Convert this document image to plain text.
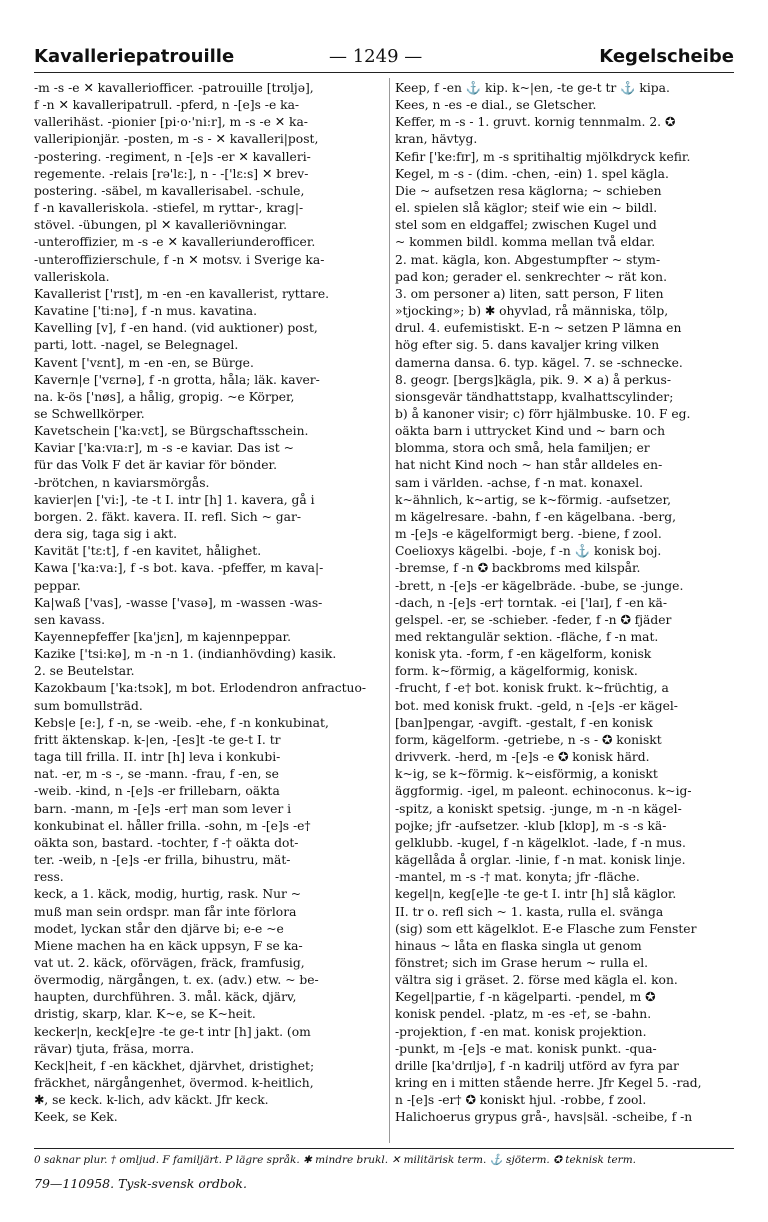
Kavalleriepatrouille	— 1249 —	Kegelscheibe
-m -s -e ✕ kavalleriofficer. -patrouille [trʊljə],
f -n ✕ kavalleripatrull. -pferd, n -[e]s -e ka-
vallerihäst. -pionier [pi·o·'ni:r], m -s -e ✕ ka-
valleripionjär. -posten, m -s - ✕ kavalleri|post,
-postering. -regiment, n -[e]s -er ✕ kavalleri-
regemente. -relais [rə'lɛ:], n - -['lɛ:s] ✕ brev-
postering. -säbel, m kavallerisabel. -schule,
f -n kavalleriskola. -stiefel, m ryttar-, krag|-
stövel. -übungen, pl ✕ kavalleriövningar.
-unteroffizier, m -s -e ✕ kavalleriunderofficer.
-unteroffizierschule, f -n ✕ motsv. i Sverige ka-
valleriskola.
Kavallerist ['rɪst], m -en -en kavallerist, ryttare.
Kavatine ['ti:nə], f -n mus. kavatina.
Kavelling [v], f -en hand. (vid auktioner) post,
parti, lott. -nagel, se Belegnagel.
Kavent ['vɛnt], m -en -en, se Bürge.
Kavern|e ['vɛrnə], f -n grotta, håla; läk. kaver-
na. k-ös ['nøs], a hålig, gropig. ~e Körper,
se Schwellkörper.
Kavetschein ['ka:vɛt], se Bürgschaftsschein.
Kaviar ['ka:vɪa:r], m -s -e kaviar. Das ist ~
für das Volk F det är kaviar för bönder.
-brötchen, n kaviarsmörgås.
kavier|en ['vi:], -te -t I. intr [h] 1. kavera, gå i
borgen. 2. fäkt. kavera. II. refl. Sich ~ gar-
dera sig, taga sig i akt.
Kavität ['tɛ:t], f -en kavitet, hålighet.
Kawa ['ka:va:], f -s bot. kava. -pfeffer, m kava|-
peppar.
Ka|waß ['vas], -wasse ['vasə], m -wassen -was-
sen kavass.
Kayennepfeffer [ka'jɛn], m kajennpeppar.
Kazike ['tsi:kə], m -n -n 1. (indianhövding) kasik.
2. se Beutelstar.
Kazokbaum ['ka:tsɔk], m bot. Erlodendron anfractuo-
sum bomullsträd.
Kebs|e [e:], f -n, se -weib. -ehe, f -n konkubinat,
fritt äktenskap. k-|en, -[es]t -te ge-t I. tr
taga till frilla. II. intr [h] leva i konkubi-
nat. -er, m -s -, se -mann. -frau, f -en, se
-weib. -kind, n -[e]s -er frillebarn, oäkta
barn. -mann, m -[e]s -er† man som lever i
konkubinat el. håller frilla. -sohn, m -[e]s -e†
oäkta son, bastard. -tochter, f -† oäkta dot-
ter. -weib, n -[e]s -er frilla, bihustru, mät-
ress.
keck, a 1. käck, modig, hurtig, rask. Nur ~
muß man sein ordspr. man får inte förlora
modet, lyckan står den djärve bi; e-e ~e
Miene machen ha en käck uppsyn, F se ka-
vat ut. 2. käck, oförvägen, fräck, framfusig,
övermodig, närgången, t. ex. (adv.) etw. ~ be-
haupten, durchführen. 3. mål. käck, djärv,
dristig, skarp, klar. K~e, se K~heit.
kecker|n, keck[e]re -te ge-t intr [h] jakt. (om
rävar) tjuta, fräsa, morra.
Keck|heit, f -en käckhet, djärvhet, dristighet;
fräckhet, närgångenhet, övermod. k-heitlich,
✱, se keck. k-lich, adv käckt. Jfr keck.
Keek, se Kek.
Keep, f -en ⚓ kip. k~|en, -te ge-t tr ⚓ kipa.
Kees, n -es -e dial., se Gletscher.
Keffer, m -s - 1. gruvt. kornig tennmalm. 2. ✪
kran, hävtyg.
Kefir ['ke:fɪr], m -s spritihaltig mjölkdryck kefir.
Kegel, m -s - (dim. -chen, -ein) 1. spel kägla.
Die ~ aufsetzen resa käglorna; ~ schieben
el. spielen slå käglor; steif wie ein ~ bildl.
stel som en eldgaffel; zwischen Kugel und
~ kommen bildl. komma mellan två eldar.
2. mat. kägla, kon. Abgestumpfter ~ stym-
pad kon; gerader el. senkrechter ~ rät kon.
3. om personer a) liten, satt person, F liten
»tjocking»; b) ✱ ohyvlad, rå människa, tölp,
drul. 4. eufemistiskt. E-n ~ setzen P lämna en
hög efter sig. 5. dans kavaljer kring vilken
damerna dansa. 6. typ. kägel. 7. se -schnecke.
8. geogr. [bergs]kägla, pik. 9. ✕ a) å perkus-
sionsgevär tändhattstapp, kvalhattscylinder;
b) å kanoner visir; c) förr hjälmbuske. 10. F eg.
oäkta barn i uttrycket Kind und ~ barn och
blomma, stora och små, hela familjen; er
hat nicht Kind noch ~ han står alldeles en-
sam i världen. -achse, f -n mat. konaxel.
k~ähnlich, k~artig, se k~förmig. -aufsetzer,
m kägelresare. -bahn, f -en kägelbana. -berg,
m -[e]s -e kägelformigt berg. -biene, f zool.
Coelioxys kägelbi. -boje, f -n ⚓ konisk boj.
-bremse, f -n ✪ backbroms med kilspår.
-brett, n -[e]s -er kägelbräde. -bube, se -junge.
-dach, n -[e]s -er† torntak. -ei ['laɪ], f -en kä-
gelspel. -er, se -schieber. -feder, f -n ✪ fjäder
med rektangulär sektion. -fläche, f -n mat.
konisk yta. -form, f -en kägelform, konisk
form. k~förmig, a kägelformig, konisk.
-frucht, f -e† bot. konisk frukt. k~früchtig, a
bot. med konisk frukt. -geld, n -[e]s -er kägel-
[ban]pengar, -avgift. -gestalt, f -en konisk
form, kägelform. -getriebe, n -s - ✪ koniskt
drivverk. -herd, m -[e]s -e ✪ konisk härd.
k~ig, se k~förmig. k~eisförmig, a koniskt
äggformig. -igel, m paleont. echinoconus. k~ig-
-spitz, a koniskt spetsig. -junge, m -n -n kägel-
pojke; jfr -aufsetzer. -klub [klʊp], m -s -s kä-
gelklubb. -kugel, f -n kägelklot. -lade, f -n mus.
kägellåda å orglar. -linie, f -n mat. konisk linje.
-mantel, m -s -† mat. konyta; jfr -fläche.
kegel|n, keg[e]le -te ge-t I. intr [h] slå käglor.
II. tr o. refl sich ~ 1. kasta, rulla el. svänga
(sig) som ett kägelklot. E-e Flasche zum Fenster
hinaus ~ låta en flaska singla ut genom
fönstret; sich im Grase herum ~ rulla el.
vältra sig i gräset. 2. förse med kägla el. kon.
Kegel|partie, f -n kägelparti. -pendel, m ✪
konisk pendel. -platz, m -es -e†, se -bahn.
-projektion, f -en mat. konisk projektion.
-punkt, m -[e]s -e mat. konisk punkt. -qua-
drille [ka'drɪljə], f -n kadrilj utförd av fyra par
kring en i mitten stående herre. Jfr Kegel 5. -rad,
n -[e]s -er† ✪ koniskt hjul. -robbe, f zool.
Halichoerus grypus grå-, havs|säl. -scheibe, f -n
0 saknar plur. † omljud. F familjärt. P lägre språk. ✱ mindre brukl. ✕ militärisk term. ⚓ sjöterm. ✪ teknisk term.
79—110958. Tysk-svensk ordbok.
